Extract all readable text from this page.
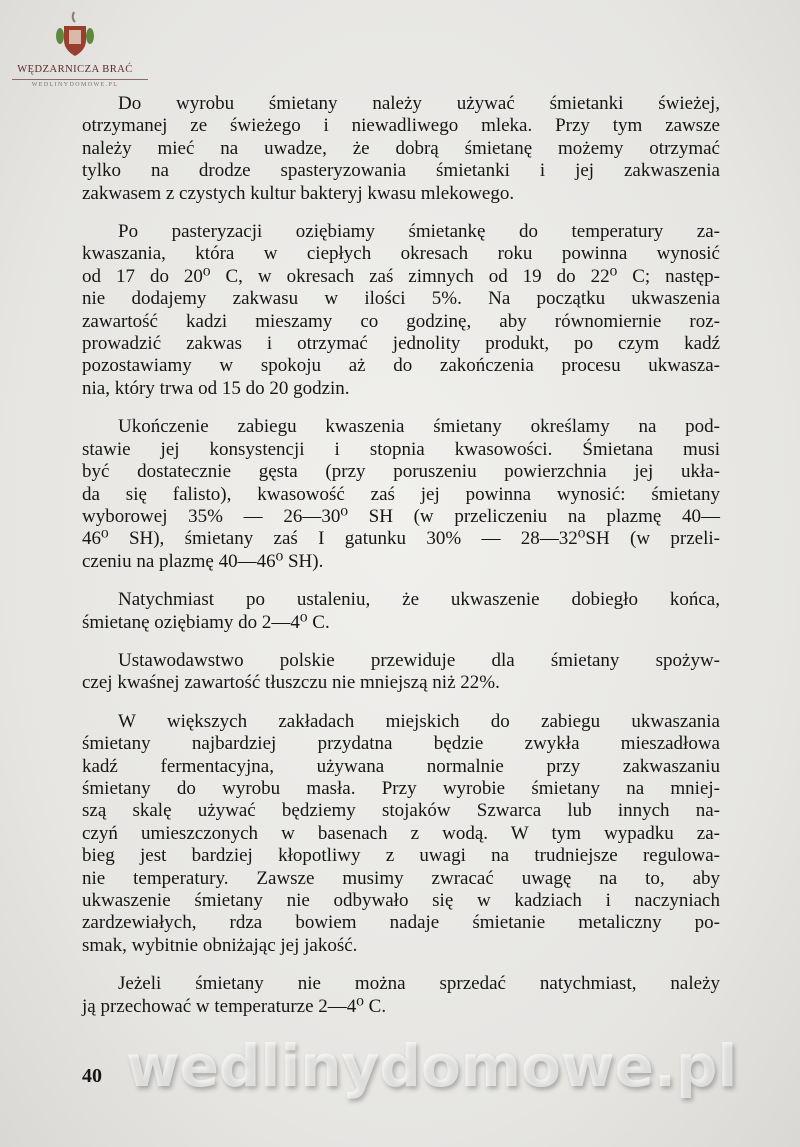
WĘDZARNICZA BRAĆ
WEDLINYDOMOWE.PL
Do wyrobu śmietany należy używać śmietanki świeżej,
otrzymanej ze świeżego i niewadliwego mleka. Przy tym zawsze
należy mieć na uwadze, że dobrą śmietanę możemy otrzymać
tylko na drodze spasteryzowania śmietanki i jej zakwaszenia
zakwasem z czystych kultur bakteryj kwasu mlekowego.
Po pasteryzacji oziębiamy śmietankę do temperatury za-
kwaszania, która w ciepłych okresach roku powinna wynosić
od 17 do 20⁰ C, w okresach zaś zimnych od 19 do 22⁰ C; następ-
nie dodajemy zakwasu w ilości 5%. Na początku ukwaszenia
zawartość kadzi mieszamy co godzinę, aby równomiernie roz-
prowadzić zakwas i otrzymać jednolity produkt, po czym kadź
pozostawiamy w spokoju aż do zakończenia procesu ukwasza-
nia, który trwa od 15 do 20 godzin.
Ukończenie zabiegu kwaszenia śmietany określamy na pod-
stawie jej konsystencji i stopnia kwasowości. Śmietana musi
być dostatecznie gęsta (przy poruszeniu powierzchnia jej ukła-
da się falisto), kwasowość zaś jej powinna wynosić: śmietany
wyborowej 35% — 26—30⁰ SH (w przeliczeniu na plazmę 40—
46⁰ SH), śmietany zaś I gatunku 30% — 28—32⁰SH (w przeli-
czeniu na plazmę 40—46⁰ SH).
Natychmiast po ustaleniu, że ukwaszenie dobiegło końca,
śmietanę oziębiamy do 2—4⁰ C.
Ustawodawstwo polskie przewiduje dla śmietany spożyw-
czej kwaśnej zawartość tłuszczu nie mniejszą niż 22%.
W większych zakładach miejskich do zabiegu ukwaszania
śmietany najbardziej przydatna będzie zwykła mieszadłowa
kadź fermentacyjna, używana normalnie przy zakwaszaniu
śmietany do wyrobu masła. Przy wyrobie śmietany na mniej-
szą skalę używać będziemy stojaków Szwarca lub innych na-
czyń umieszczonych w basenach z wodą. W tym wypadku za-
bieg jest bardziej kłopotliwy z uwagi na trudniejsze regulowa-
nie temperatury. Zawsze musimy zwracać uwagę na to, aby
ukwaszenie śmietany nie odbywało się w kadziach i naczyniach
zardzewiałych, rdza bowiem nadaje śmietanie metaliczny po-
smak, wybitnie obniżając jej jakość.
Jeżeli śmietany nie można sprzedać natychmiast, należy
ją przechować w temperaturze 2—4⁰ C.
40 wedlinydomowe.pl
